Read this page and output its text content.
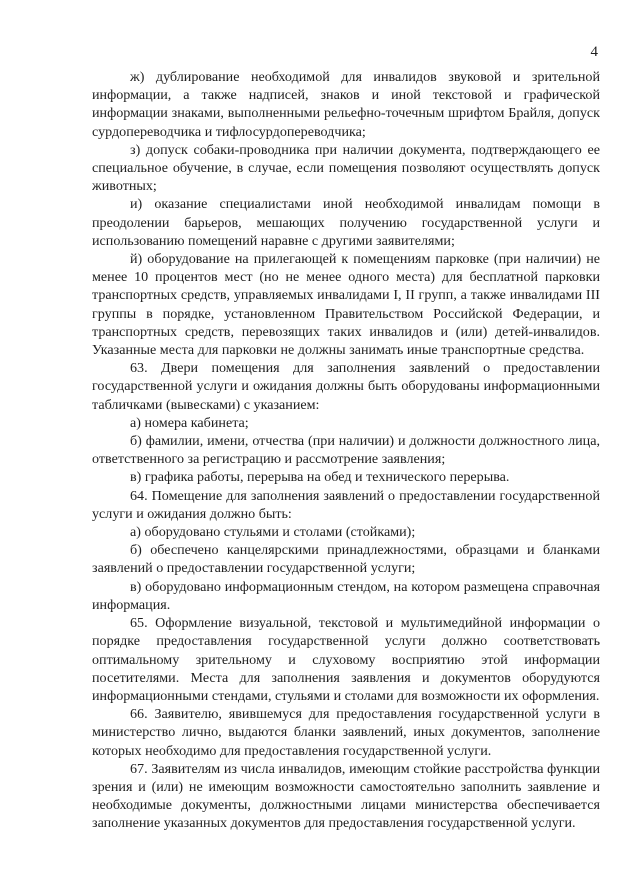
4

ж) дублирование необходимой для инвалидов звуковой и зрительной информации, а также надписей, знаков и иной текстовой и графической информации знаками, выполненными рельефно-точечным шрифтом Брайля, допуск сурдопереводчика и тифлосурдопереводчика;

з) допуск собаки-проводника при наличии документа, подтверждающего ее специальное обучение, в случае, если помещения позволяют осуществлять допуск животных;

и) оказание специалистами иной необходимой инвалидам помощи в преодолении барьеров, мешающих получению государственной услуги и использованию помещений наравне с другими заявителями;

й) оборудование на прилегающей к помещениям парковке (при наличии) не менее 10 процентов мест (но не менее одного места) для бесплатной парковки транспортных средств, управляемых инвалидами I, II групп, а также инвалидами III группы в порядке, установленном Правительством Российской Федерации, и транспортных средств, перевозящих таких инвалидов и (или) детей-инвалидов. Указанные места для парковки не должны занимать иные транспортные средства.

63. Двери помещения для заполнения заявлений о предоставлении государственной услуги и ожидания должны быть оборудованы информационными табличками (вывесками) с указанием:

а) номера кабинета;

б) фамилии, имени, отчества (при наличии) и должности должностного лица, ответственного за регистрацию и рассмотрение заявления;

в) графика работы, перерыва на обед и технического перерыва.

64. Помещение для заполнения заявлений о предоставлении государственной услуги и ожидания должно быть:

а) оборудовано стульями и столами (стойками);

б) обеспечено канцелярскими принадлежностями, образцами и бланками заявлений о предоставлении государственной услуги;

в) оборудовано информационным стендом, на котором размещена справочная информация.

65. Оформление визуальной, текстовой и мультимедийной информации о порядке предоставления государственной услуги должно соответствовать оптимальному зрительному и слуховому восприятию этой информации посетителями. Места для заполнения заявления и документов оборудуются информационными стендами, стульями и столами для возможности их оформления.

66. Заявителю, явившемуся для предоставления государственной услуги в министерство лично, выдаются бланки заявлений, иных документов, заполнение которых необходимо для предоставления государственной услуги.

67. Заявителям из числа инвалидов, имеющим стойкие расстройства функции зрения и (или) не имеющим возможности самостоятельно заполнить заявление и необходимые документы, должностными лицами министерства обеспечивается заполнение указанных документов для предоставления государственной услуги.
